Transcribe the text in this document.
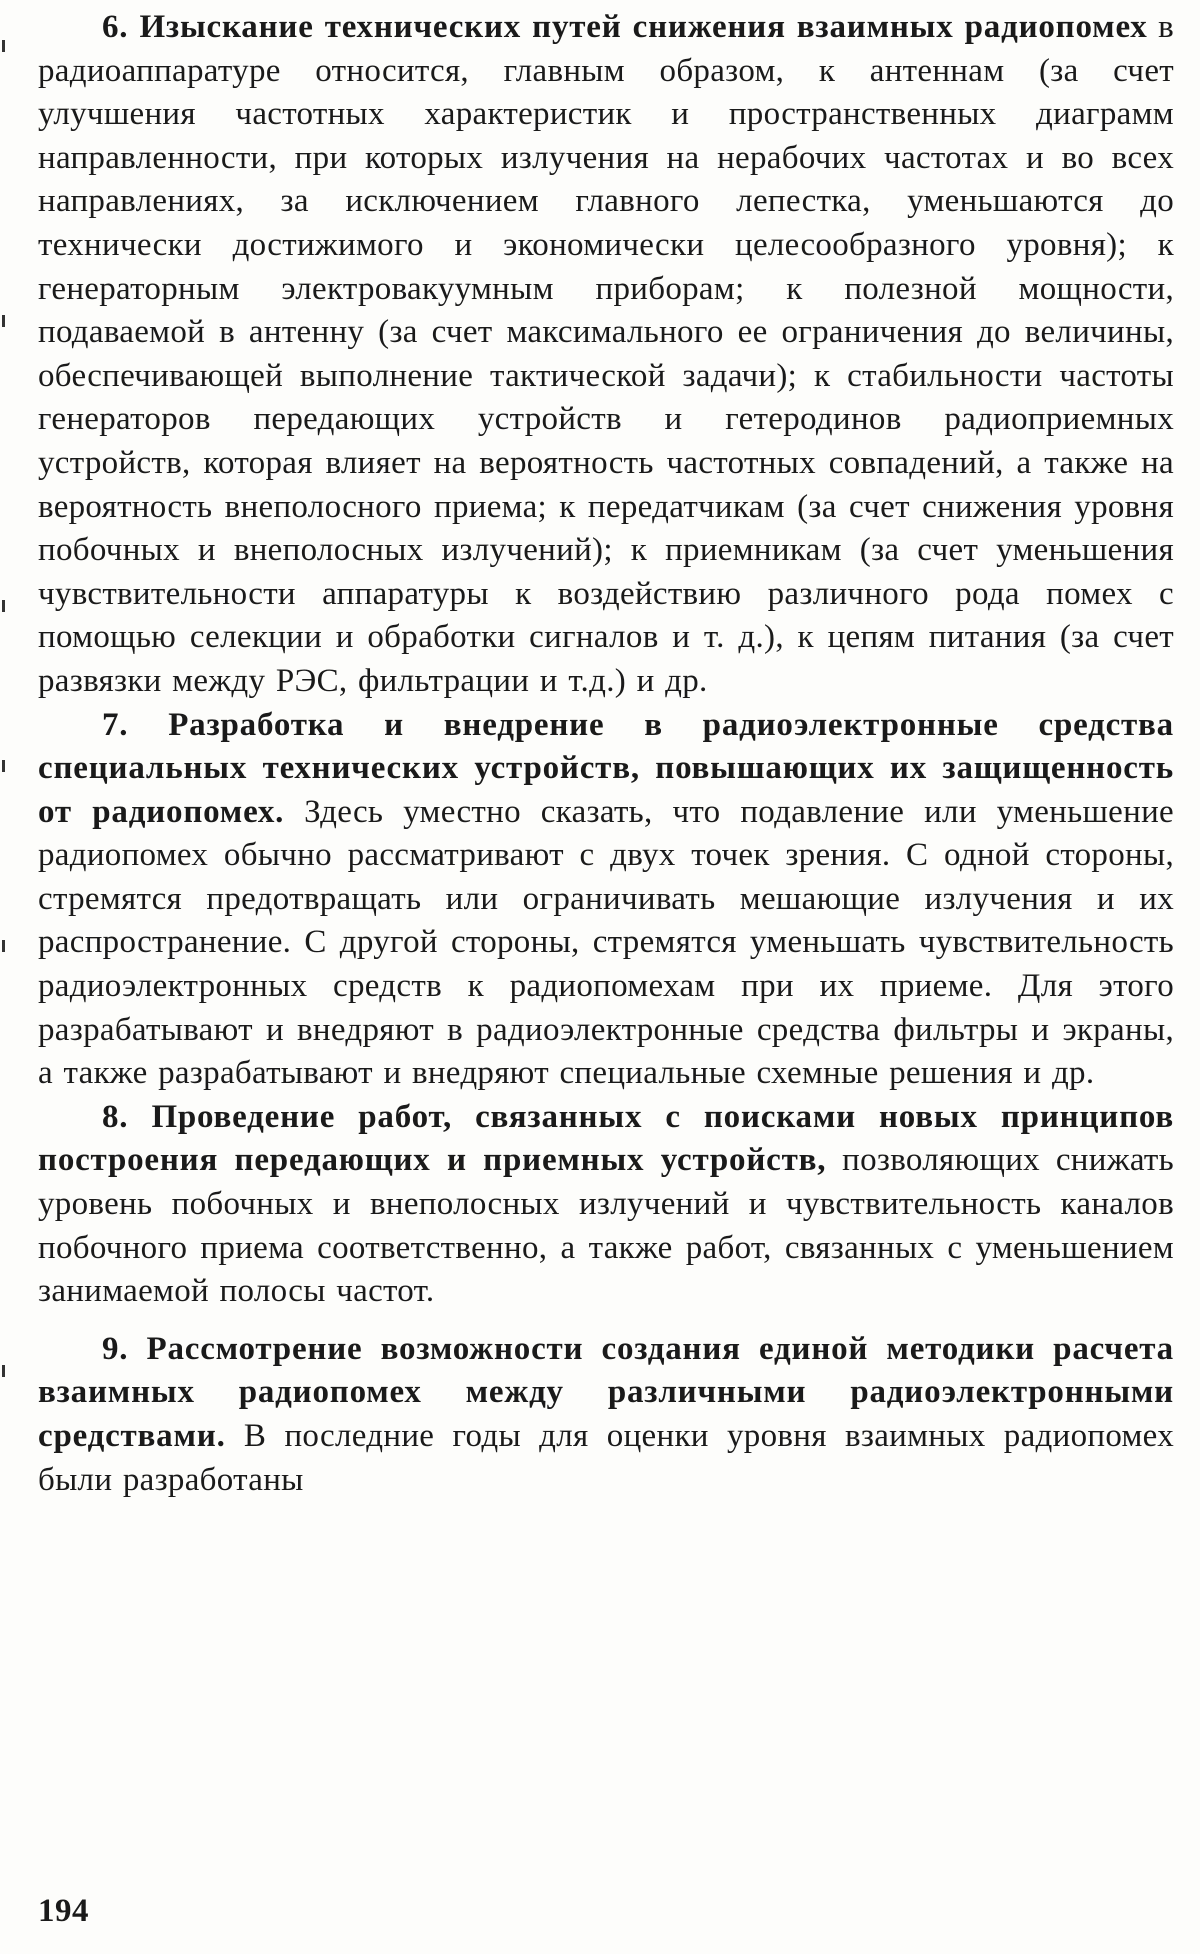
6. Изыскание технических путей снижения взаимных радиопомех в радиоаппаратуре относится, главным образом, к антеннам (за счет улучшения частотных характеристик и пространственных диаграмм направленности, при которых излучения на нерабочих частотах и во всех направлениях, за исключением главного лепестка, уменьшаются до технически достижимого и экономически целесообразного уровня); к генераторным электровакуумным приборам; к полезной мощности, подаваемой в антенну (за счет максимального ее ограничения до величины, обеспечивающей выполнение тактической задачи); к стабильности частоты генераторов передающих устройств и гетеродинов радиоприемных устройств, которая влияет на вероятность частотных совпадений, а также на вероятность внеполосного приема; к передатчикам (за счет снижения уровня побочных и внеполосных излучений); к приемникам (за счет уменьшения чувствительности аппаратуры к воздействию различного рода помех с помощью селекции и обработки сигналов и т. д.), к цепям питания (за счет развязки между РЭС, фильтрации и т.д.) и др.

7. Разработка и внедрение в радиоэлектронные средства специальных технических устройств, повышающих их защищенность от радиопомех. Здесь уместно сказать, что подавление или уменьшение радиопомех обычно рассматривают с двух точек зрения. С одной стороны, стремятся предотвращать или ограничивать мешающие излучения и их распространение. С другой стороны, стремятся уменьшать чувствительность радиоэлектронных средств к радиопомехам при их приеме. Для этого разрабатывают и внедряют в радиоэлектронные средства фильтры и экраны, а также разрабатывают и внедряют специальные схемные решения и др.

8. Проведение работ, связанных с поисками новых принципов построения передающих и приемных устройств, позволяющих снижать уровень побочных и внеполосных излучений и чувствительность каналов побочного приема соответственно, а также работ, связанных с уменьшением занимаемой полосы частот.

9. Рассмотрение возможности создания единой методики расчета взаимных радиопомех между различными радиоэлектронными средствами. В последние годы для оценки уровня взаимных радиопомех были разработаны

194
